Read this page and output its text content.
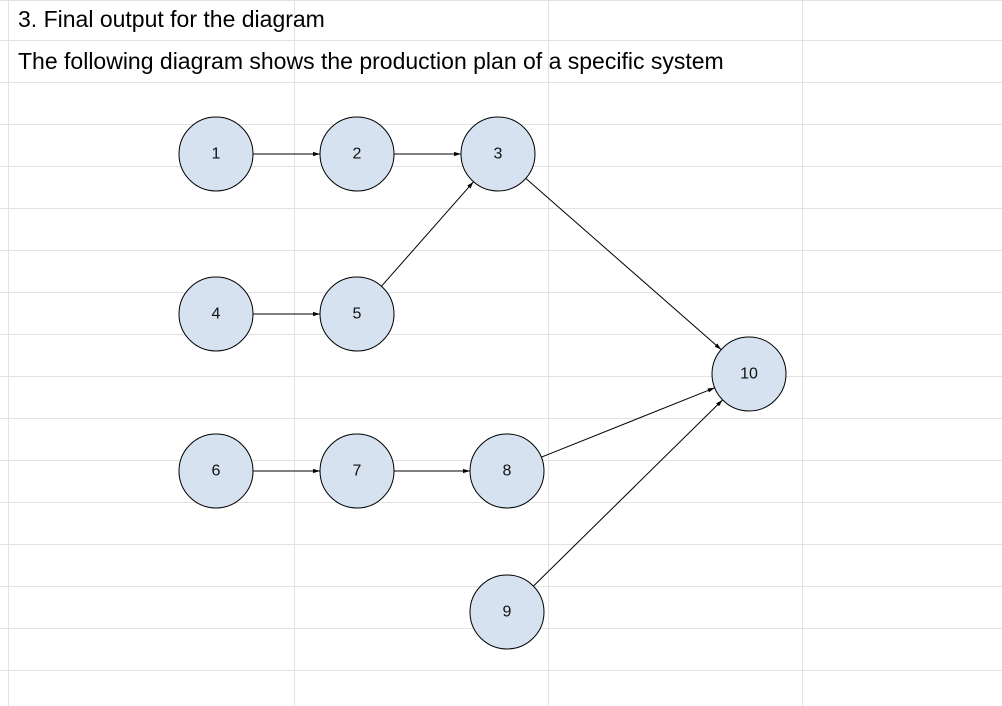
3. Final output for the diagram
The following diagram shows the production plan of a specific system
1	2	3
4	5
6	7	8
9
10
